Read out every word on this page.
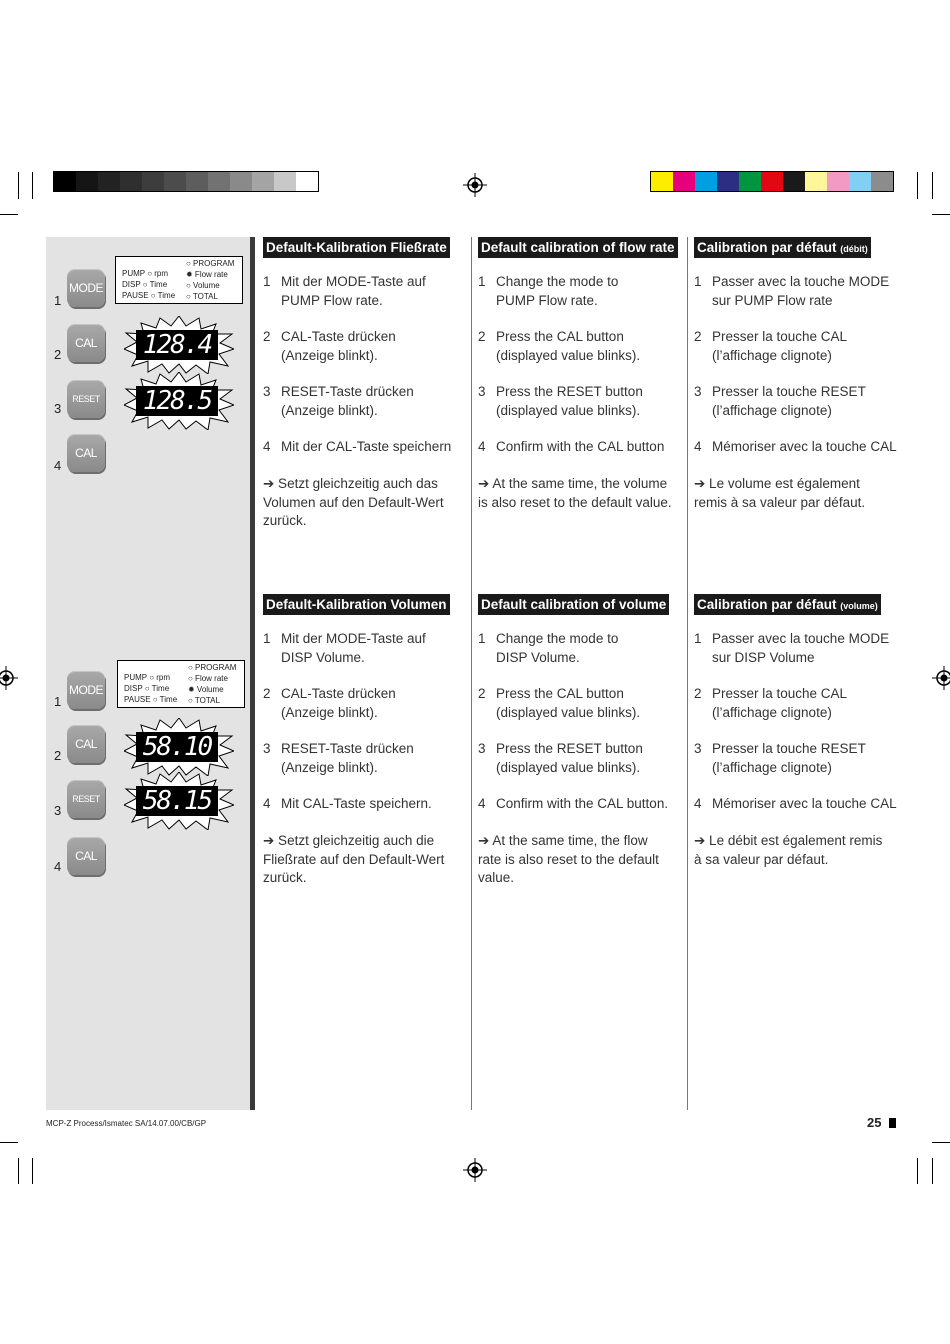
MODE
1
CAL
2
RESET
3
CAL
4
PUMP ○ rpm
DISP ○ Time
PAUSE ○ Time
○ PROGRAM
✹ Flow rate
○ Volume
○ TOTAL
128.4
128.5
MODE
1
CAL
2
RESET
3
CAL
4
PUMP ○ rpm
DISP ○ Time
PAUSE ○ Time
○ PROGRAM
○ Flow rate
✹ Volume
○ TOTAL
58.10
58.15
Default-Kalibration Fließrate
1 Mit der MODE-Taste auf
PUMP Flow rate.
2 CAL-Taste drücken
(Anzeige blinkt).
3 RESET-Taste drücken
(Anzeige blinkt).
4 Mit der CAL-Taste speichern
➔ Setzt gleichzeitig auch das
Volumen auf den Default-Wert
zurück.
Default calibration of flow rate
1 Change the mode to
PUMP Flow rate.
2 Press the CAL button
(displayed value blinks).
3 Press the RESET button
(displayed value blinks).
4 Confirm with the CAL button
➔ At the same time, the volume
is also reset to the default value.
Calibration par défaut (débit)
1 Passer avec la touche MODE
sur PUMP Flow rate
2 Presser la touche CAL
(l’affichage clignote)
3 Presser la touche RESET
(l’affichage clignote)
4 Mémoriser avec la touche CAL
➔ Le volume est également
remis à sa valeur par défaut.
Default-Kalibration Volumen
1 Mit der MODE-Taste auf
DISP Volume.
2 CAL-Taste drücken
(Anzeige blinkt).
3 RESET-Taste drücken
(Anzeige blinkt).
4 Mit CAL-Taste speichern.
➔ Setzt gleichzeitig auch die
Fließrate auf den Default-Wert
zurück.
Default calibration of volume
1 Change the mode to
DISP Volume.
2 Press the CAL button
(displayed value blinks).
3 Press the RESET button
(displayed value blinks).
4 Confirm with the CAL button.
➔ At the same time, the flow
rate is also reset to the default
value.
Calibration par défaut (volume)
1 Passer avec la touche MODE
sur DISP Volume
2 Presser la touche CAL
(l’affichage clignote)
3 Presser la touche RESET
(l’affichage clignote)
4 Mémoriser avec la touche CAL
➔ Le débit est également remis
à sa valeur par défaut.
MCP-Z Process/Ismatec SA/14.07.00/CB/GP	25
